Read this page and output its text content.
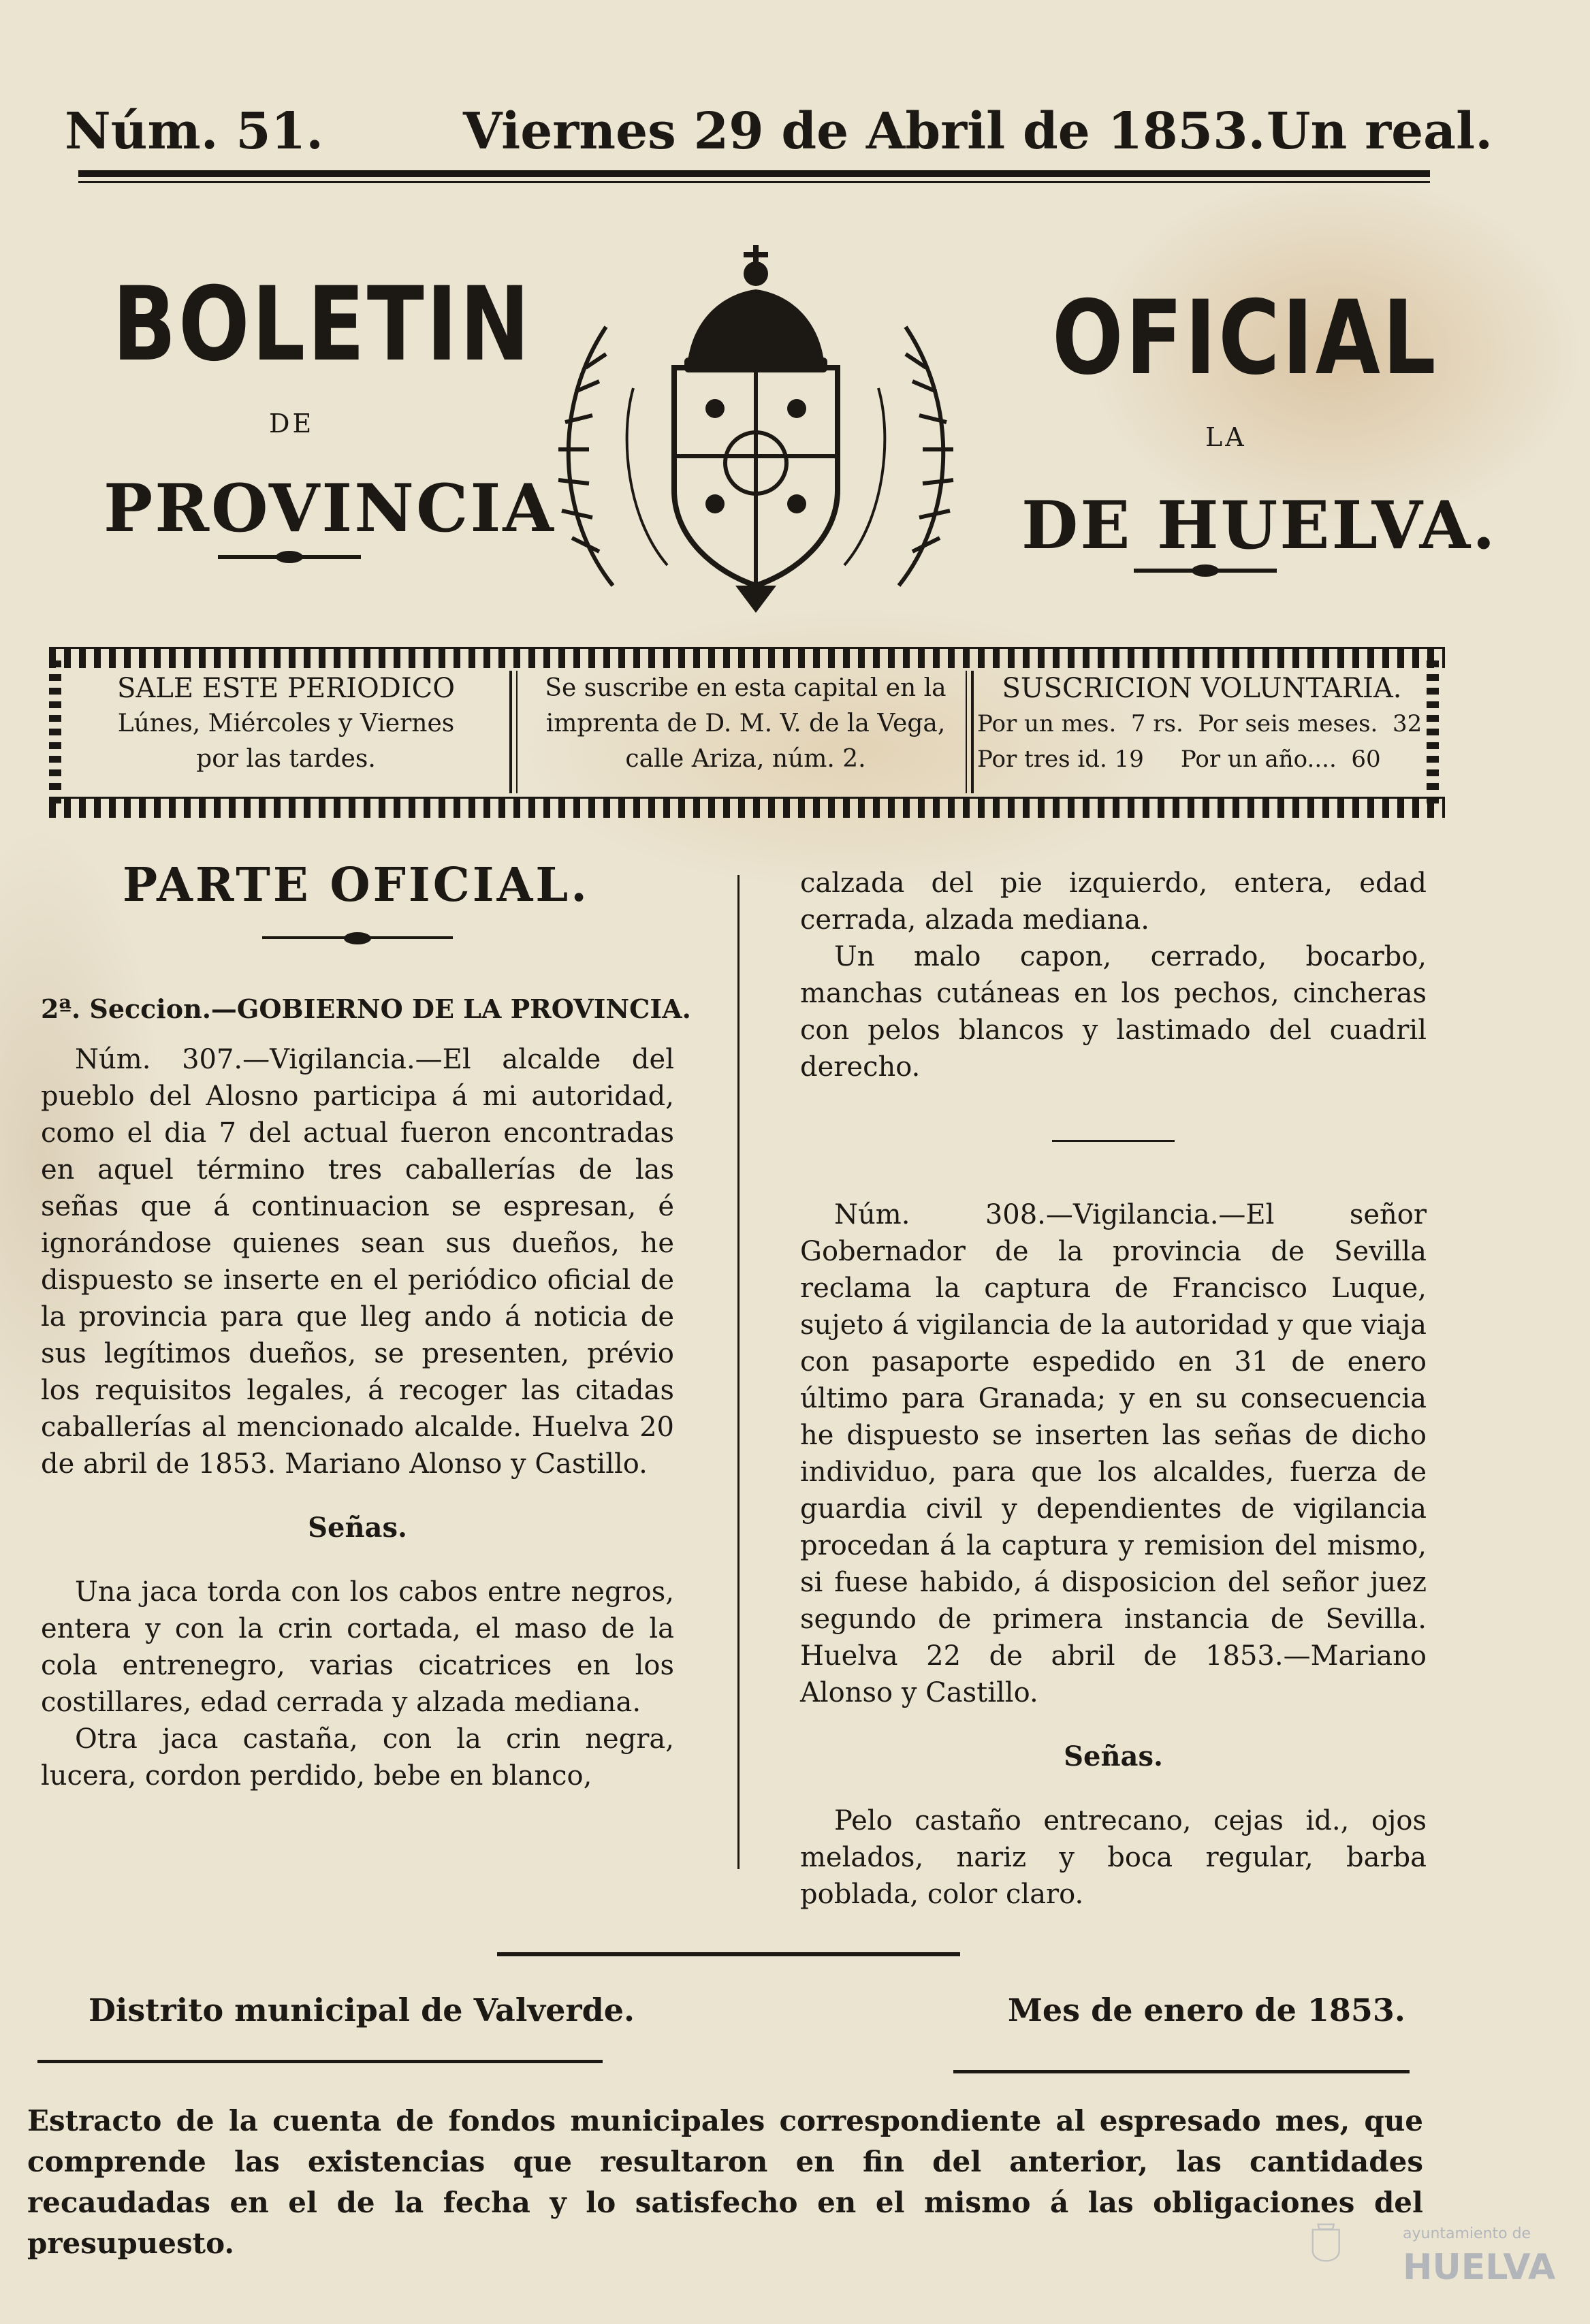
Núm. 51.	Viernes 29 de Abril de 1853. Un real.
BOLETIN
DE
PROVINCIA
OFICIAL
LA
DE HUELVA.
SALE ESTE PERIODICO
Lúnes, Miércoles y Viernes
por las tardes.
Se suscribe en esta capital en la
imprenta de D. M. V. de la Vega,
calle Ariza, núm. 2.
SUSCRICION VOLUNTARIA.
Por un mes.  7 rs.  Por seis meses.  32
Por tres id. 19     Por un año....  60
PARTE OFICIAL.

2ª. Seccion.—GOBIERNO DE LA PROVINCIA.

Núm. 307.—Vigilancia.—El alcalde del pueblo del Alosno participa á mi autoridad, como el dia 7 del actual fueron encontradas en aquel término tres caballerías de las señas que á continuacion se espresan, é ignorándose quienes sean sus dueños, he dispuesto se inserte en el periódico oficial de la provincia para que lleg ando á noticia de sus legítimos dueños, se presenten, prévio los requisitos legales, á recoger las citadas caballerías al mencionado alcalde. Huelva 20 de abril de 1853. Mariano Alonso y Castillo.

Señas.

Una jaca torda con los cabos entre negros, entera y con la crin cortada, el maso de la cola entrenegro, varias cicatrices en los costillares, edad cerrada y alzada mediana.

Otra jaca castaña, con la crin negra, lucera, cordon perdido, bebe en blanco,

calzada del pie izquierdo, entera, edad cerrada, alzada mediana.

Un malo capon, cerrado, bocarbo, manchas cutáneas en los pechos, cincheras con pelos blancos y lastimado del cuadril derecho.

Núm. 308.—Vigilancia.—El señor Gobernador de la provincia de Sevilla reclama la captura de Francisco Luque, sujeto á vigilancia de la autoridad y que viaja con pasaporte espedido en 31 de enero último para Granada; y en su consecuencia he dispuesto se inserten las señas de dicho individuo, para que los alcaldes, fuerza de guardia civil y dependientes de vigilancia procedan á la captura y remision del mismo, si fuese habido, á disposicion del señor juez segundo de primera instancia de Sevilla. Huelva 22 de abril de 1853.—Mariano Alonso y Castillo.

Señas.

Pelo castaño entrecano, cejas id., ojos melados, nariz y boca regular, barba poblada, color claro.

Distrito municipal de Valverde.	Mes de enero de 1853.
Estracto de la cuenta de fondos municipales correspondiente al espresado mes, que comprende las existencias que resultaron en fin del anterior, las cantidades recaudadas en el de la fecha y lo satisfecho en el mismo á las obligaciones del presupuesto.	ayuntamiento de
HUELVA
